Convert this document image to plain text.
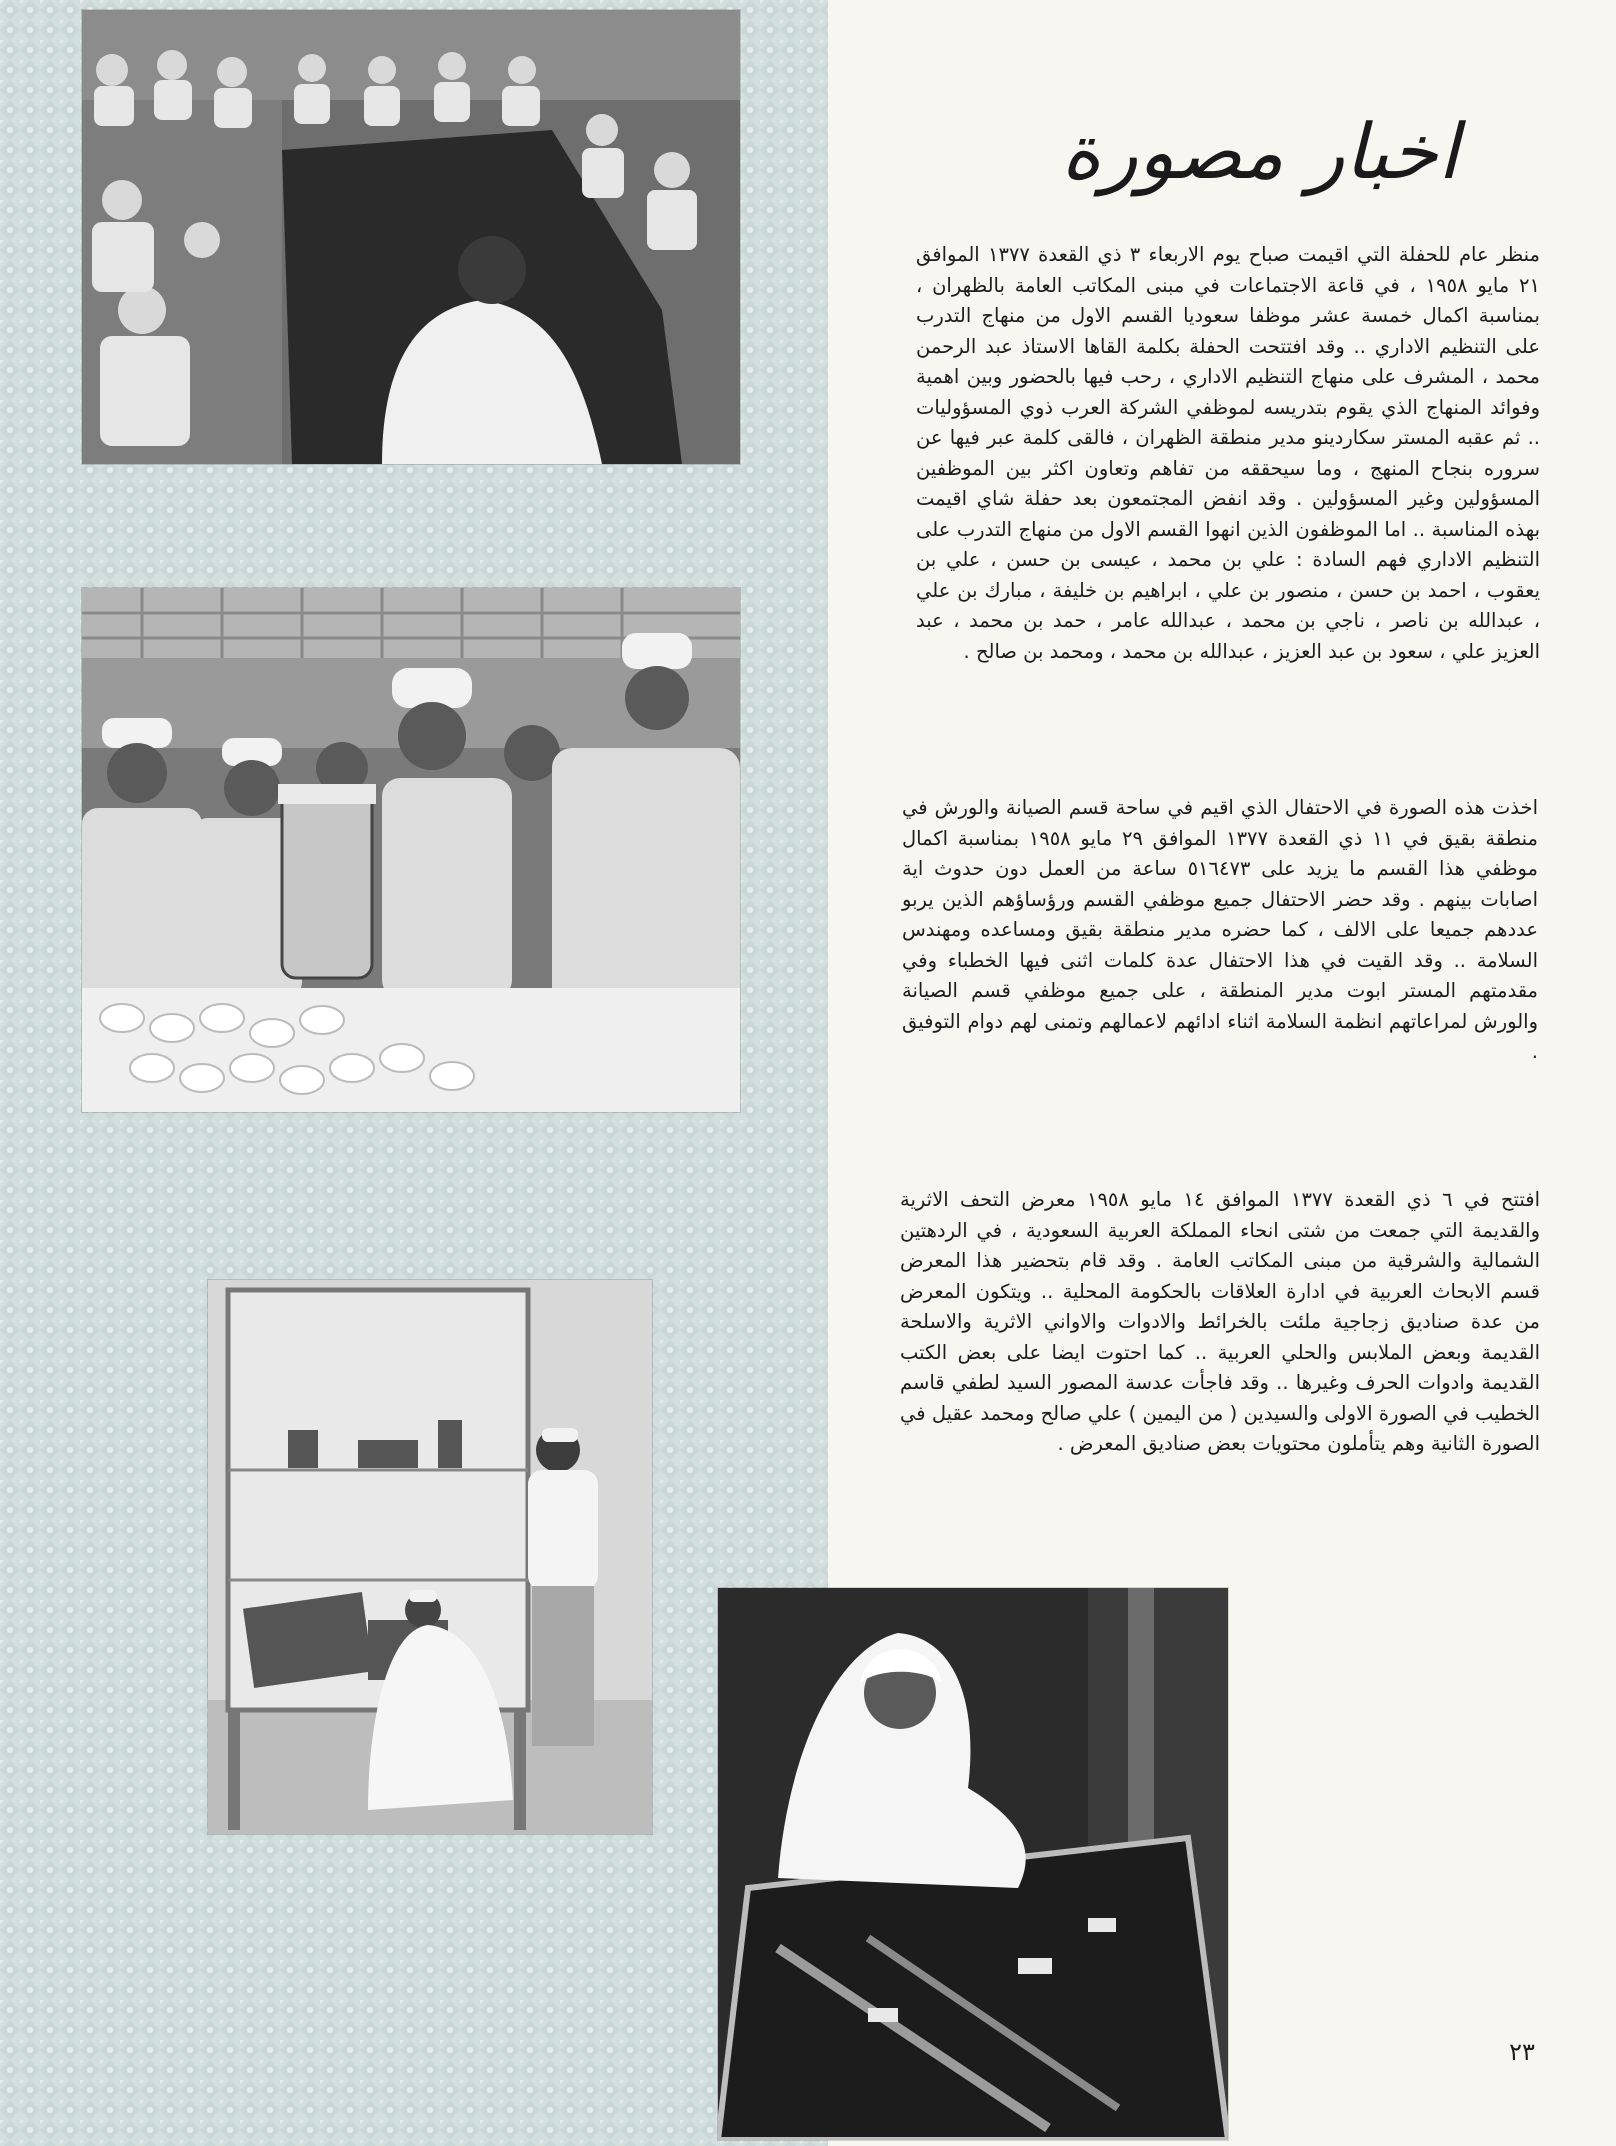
اخبار مصورة

منظر عام للحفلة التي اقيمت صباح يوم الاربعاء ٣ ذي القعدة ١٣٧٧ الموافق ٢١ مايو ١٩٥٨ ، في قاعة الاجتماعات في مبنى المكاتب العامة بالظهران ، بمناسبة اكمال خمسة عشر موظفا سعوديا القسم الاول من منهاج التدرب على التنظيم الاداري .. وقد افتتحت الحفلة بكلمة القاها الاستاذ عبد الرحمن محمد ، المشرف على منهاج التنظيم الاداري ، رحب فيها بالحضور وبين اهمية وفوائد المنهاج الذي يقوم بتدريسه لموظفي الشركة العرب ذوي المسؤوليات .. ثم عقبه المستر سكاردينو مدير منطقة الظهران ، فالقى كلمة عبر فيها عن سروره بنجاح المنهج ، وما سيحققه من تفاهم وتعاون اكثر بين الموظفين المسؤولين وغير المسؤولين . وقد انفض المجتمعون بعد حفلة شاي اقيمت بهذه المناسبة .. اما الموظفون الذين انهوا القسم الاول من منهاج التدرب على التنظيم الاداري فهم السادة : علي بن محمد ، عيسى بن حسن ، علي بن يعقوب ، احمد بن حسن ، منصور بن علي ، ابراهيم بن خليفة ، مبارك بن علي ، عبدالله بن ناصر ، ناجي بن محمد ، عبدالله عامر ، حمد بن محمد ، عبد العزيز علي ، سعود بن عبد العزيز ، عبدالله بن محمد ، ومحمد بن صالح .

اخذت هذه الصورة في الاحتفال الذي اقيم في ساحة قسم الصيانة والورش في منطقة بقيق في ١١ ذي القعدة ١٣٧٧ الموافق ٢٩ مايو ١٩٥٨ بمناسبة اكمال موظفي هذا القسم ما يزيد على ٥١٦٤٧٣ ساعة من العمل دون حدوث اية اصابات بينهم . وقد حضر الاحتفال جميع موظفي القسم ورؤساؤهم الذين يربو عددهم جميعا على الالف ، كما حضره مدير منطقة بقيق ومساعده ومهندس السلامة .. وقد القيت في هذا الاحتفال عدة كلمات اثنى فيها الخطباء وفي مقدمتهم المستر ابوت مدير المنطقة ، على جميع موظفي قسم الصيانة والورش لمراعاتهم انظمة السلامة اثناء ادائهم لاعمالهم وتمنى لهم دوام التوفيق .

افتتح في ٦ ذي القعدة ١٣٧٧ الموافق ١٤ مايو ١٩٥٨ معرض التحف الاثرية والقديمة التي جمعت من شتى انحاء المملكة العربية السعودية ، في الردهتين الشمالية والشرقية من مبنى المكاتب العامة . وقد قام بتحضير هذا المعرض قسم الابحاث العربية في ادارة العلاقات بالحكومة المحلية .. ويتكون المعرض من عدة صناديق زجاجية ملئت بالخرائط والادوات والاواني الاثرية والاسلحة القديمة وبعض الملابس والحلي العربية .. كما احتوت ايضا على بعض الكتب القديمة وادوات الحرف وغيرها .. وقد فاجأت عدسة المصور السيد لطفي قاسم الخطيب في الصورة الاولى والسيدين ( من اليمين ) علي صالح ومحمد عقيل في الصورة الثانية وهم يتأملون محتويات بعض صناديق المعرض .

٢٣
